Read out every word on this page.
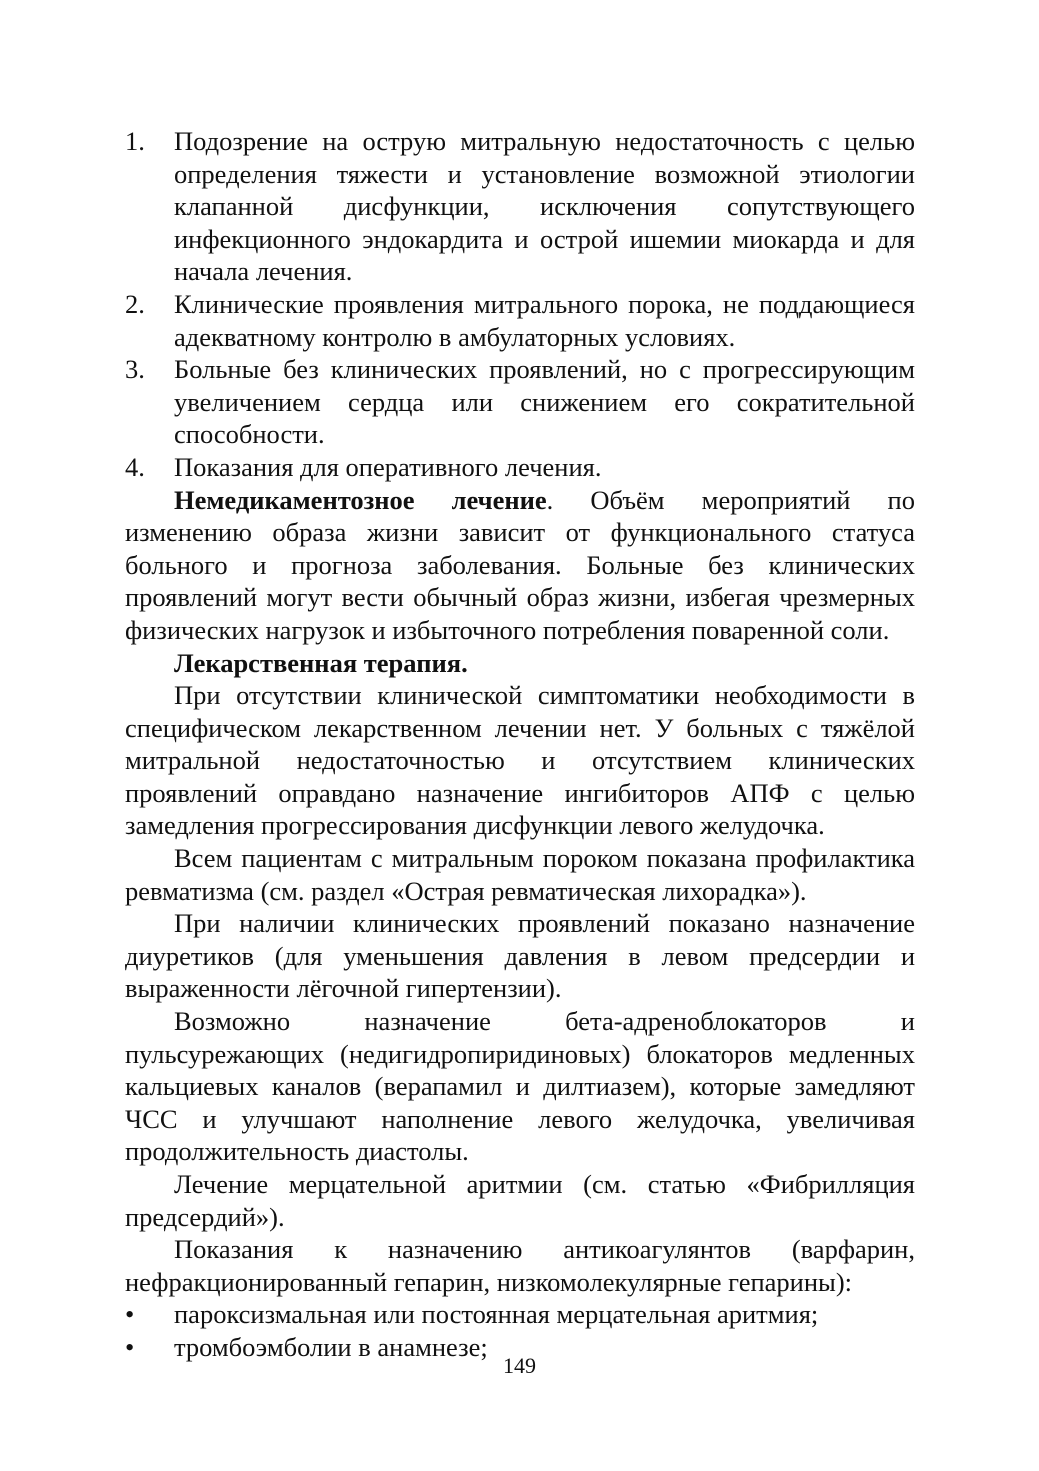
1.	Подозрение на острую митральную недостаточность с целью определения тяжести и установление возможной этиологии клапанной дисфункции, исключения сопутствующего инфекционного эндокардита и острой ишемии миокарда и для начала лечения.
2.	Клинические проявления митрального порока, не поддающиеся адекватному контролю в амбулаторных условиях.
3.	Больные без клинических проявлений, но с прогрессирующим увеличением сердца или снижением его сократительной способности.
4.	Показания для оперативного лечения.

Немедикаментозное лечение. Объём мероприятий по изменению образа жизни зависит от функционального статуса больного и прогноза заболевания. Больные без клинических проявлений могут вести обычный образ жизни, избегая чрезмерных физических нагрузок и избыточного потребления поваренной соли.

Лекарственная терапия.

При отсутствии клинической симптоматики необходимости в специфическом лекарственном лечении нет. У больных с тяжёлой митральной недостаточностью и отсутствием клинических проявлений оправдано назначение ингибиторов АПФ с целью замедления прогрессирования дисфункции левого желудочка.

Всем пациентам с митральным пороком показана профилактика ревматизма (см. раздел «Острая ревматическая лихорадка»).

При наличии клинических проявлений показано назначение диуретиков (для уменьшения давления в левом предсердии и выраженности лёгочной гипертензии).

Возможно назначение бета-адреноблокаторов и пульсурежающих (недигидропиридиновых) блокаторов медленных кальциевых каналов (верапамил и дилтиазем), которые замедляют ЧСС и улучшают наполнение левого желудочка, увеличивая продолжительность диастолы.

Лечение мерцательной аритмии (см. статью «Фибрилляция предсердий»).

Показания к назначению антикоагулянтов (варфарин, нефракционированный гепарин, низкомолекулярные гепарины):

•	пароксизмальная или постоянная мерцательная аритмия;
•	тромбоэмболии в анамнезе;
149
